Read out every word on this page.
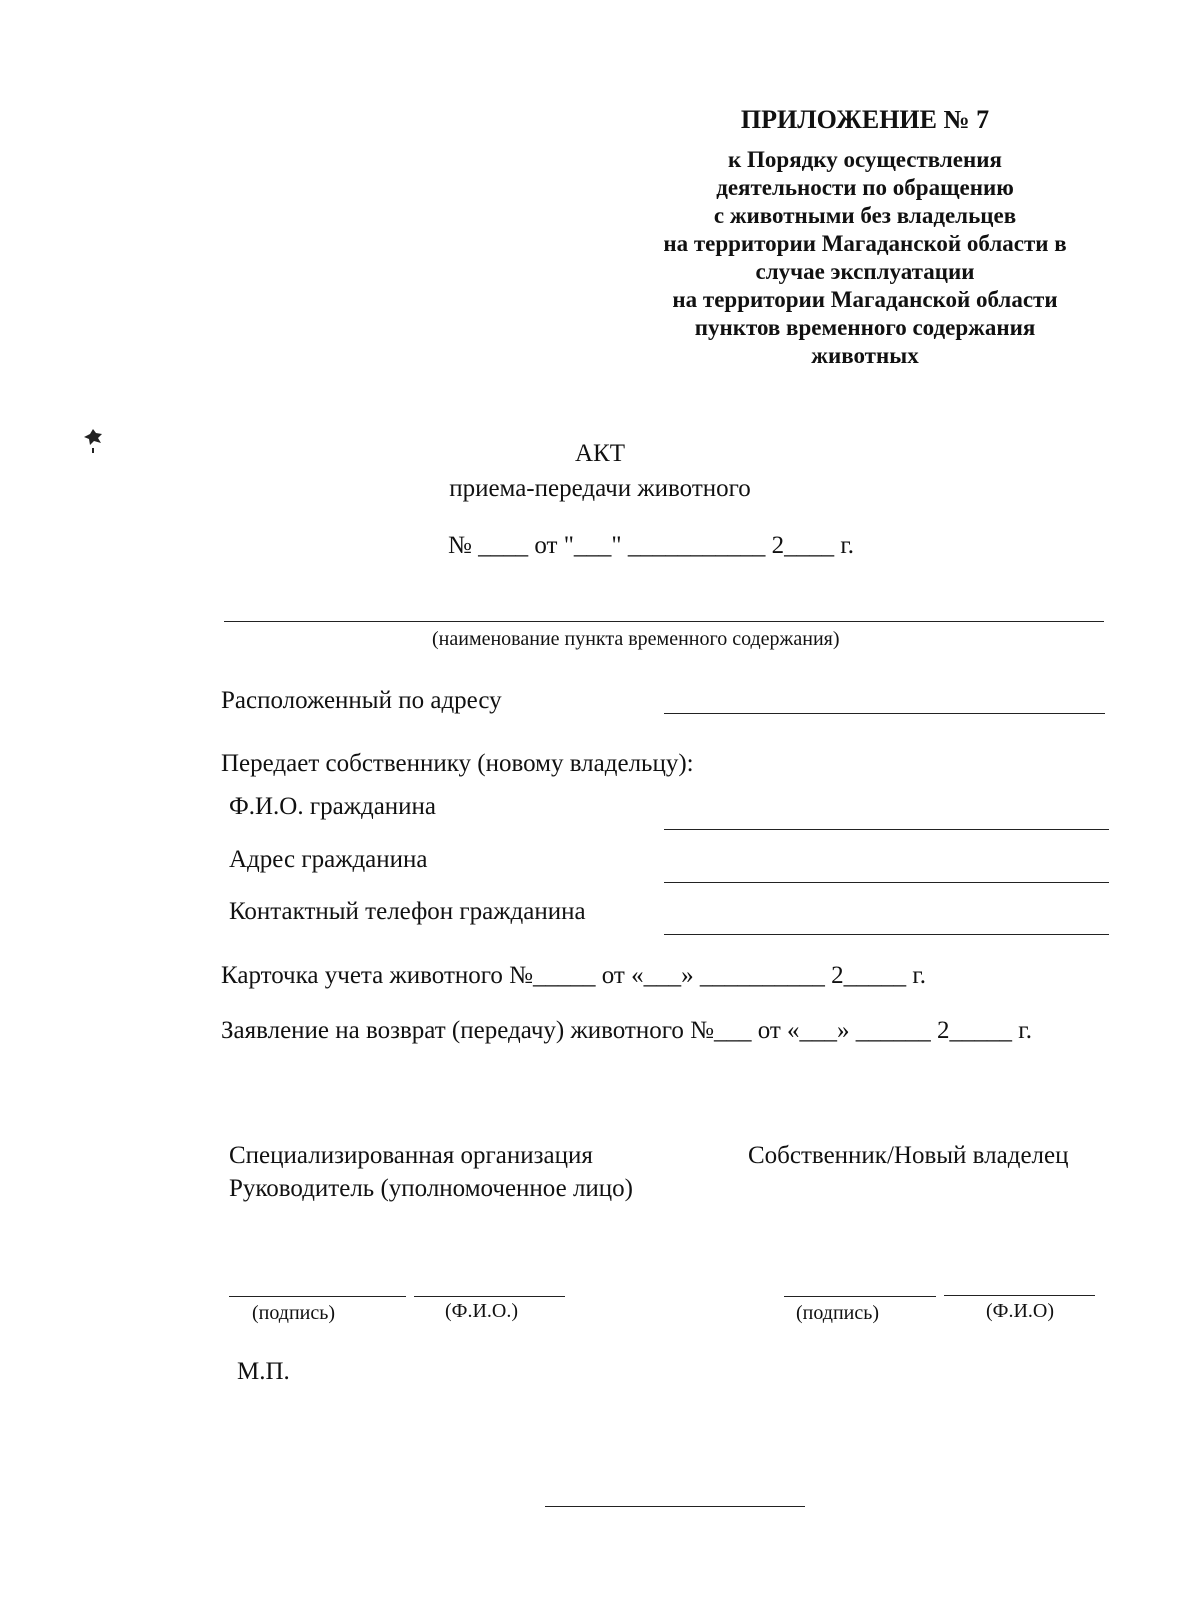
ПРИЛОЖЕНИЕ № 7
к Порядку осуществления
деятельности по обращению
с животными без владельцев
на территории Магаданской области в
случае эксплуатации
на территории Магаданской области
пунктов временного содержания
животных
АКТ
приема-передачи животного
№ ____ от "___" ___________ 2____ г.
(наименование пункта временного содержания)
Расположенный по адресу
Передает собственнику (новому владельцу):
Ф.И.О. гражданина
Адрес гражданина
Контактный телефон гражданина
Карточка учета животного №_____ от «___» __________ 2_____ г.
Заявление на возврат (передачу) животного №___ от «___» ______ 2_____ г.
Специализированная организация
Руководитель (уполномоченное лицо)
Собственник/Новый владелец
(подпись)	(Ф.И.О.)	(подпись)	(Ф.И.О)
М.П.
